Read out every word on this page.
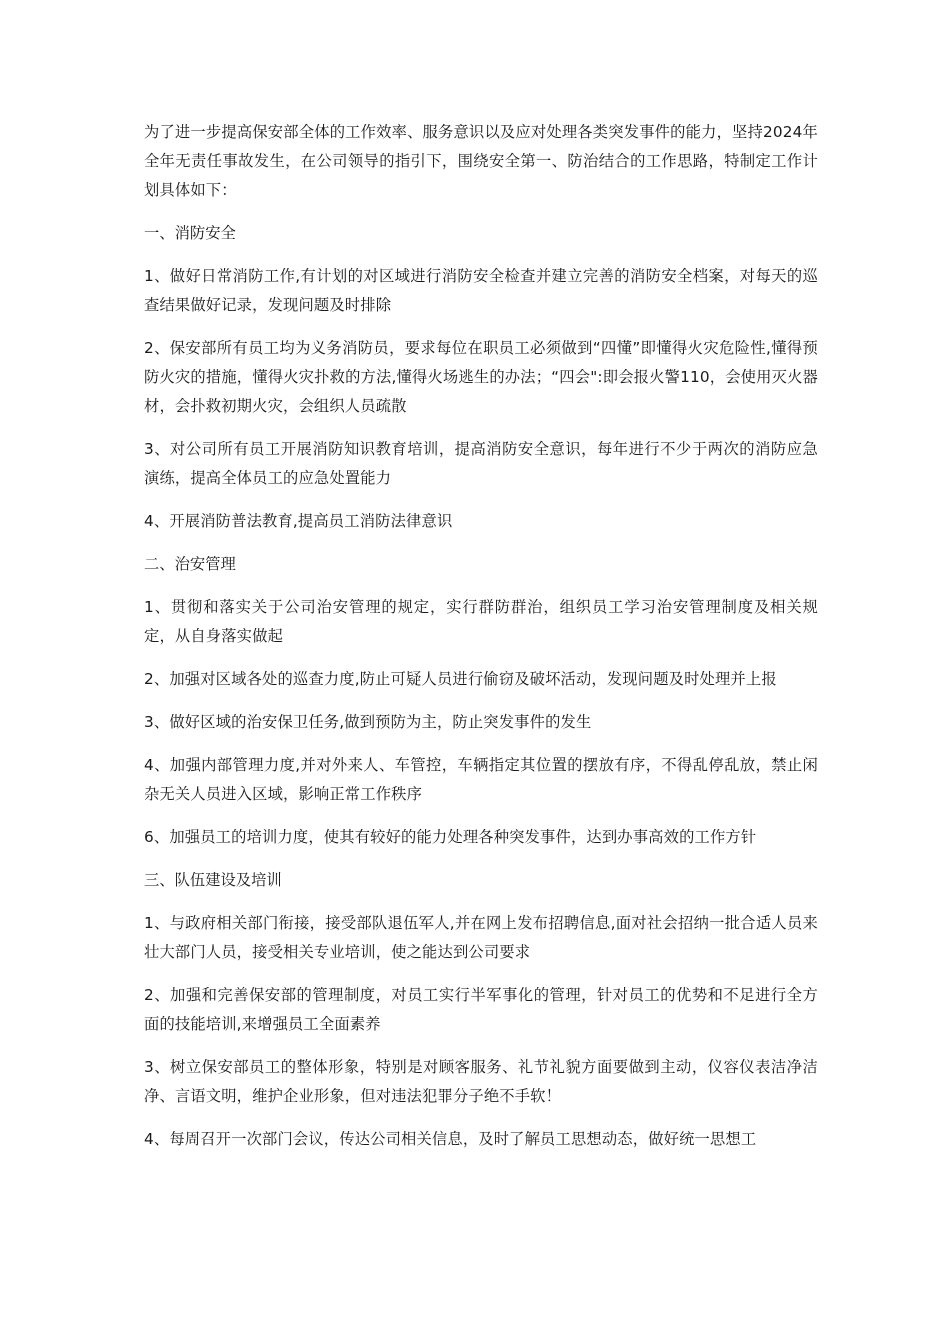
为了进一步提高保安部全体的工作效率、服务意识以及应对处理各类突发事件的能力，坚持2024年全年无责任事故发生，在公司领导的指引下，围绕安全第一、防治结合的工作思路，特制定工作计划具体如下：

一、消防安全

1、做好日常消防工作,有计划的对区域进行消防安全检查并建立完善的消防安全档案，对每天的巡查结果做好记录，发现问题及时排除

2、保安部所有员工均为义务消防员，要求每位在职员工必须做到“四懂”即懂得火灾危险性,懂得预防火灾的措施，懂得火灾扑救的方法,懂得火场逃生的办法；“四会":即会报火警110，会使用灭火器材，会扑救初期火灾，会组织人员疏散

3、对公司所有员工开展消防知识教育培训，提高消防安全意识，每年进行不少于两次的消防应急演练，提高全体员工的应急处置能力

4、开展消防普法教育,提高员工消防法律意识

二、治安管理

1、贯彻和落实关于公司治安管理的规定，实行群防群治，组织员工学习治安管理制度及相关规定，从自身落实做起

2、加强对区域各处的巡查力度,防止可疑人员进行偷窃及破坏活动，发现问题及时处理并上报

3、做好区域的治安保卫任务,做到预防为主，防止突发事件的发生

4、加强内部管理力度,并对外来人、车管控，车辆指定其位置的摆放有序，不得乱停乱放，禁止闲杂无关人员进入区域，影响正常工作秩序

6、加强员工的培训力度，使其有较好的能力处理各种突发事件，达到办事高效的工作方针

三、队伍建设及培训

1、与政府相关部门衔接，接受部队退伍军人,并在网上发布招聘信息,面对社会招纳一批合适人员来壮大部门人员，接受相关专业培训，使之能达到公司要求

2、加强和完善保安部的管理制度，对员工实行半军事化的管理，针对员工的优势和不足进行全方面的技能培训,来增强员工全面素养

3、树立保安部员工的整体形象，特别是对顾客服务、礼节礼貌方面要做到主动，仪容仪表洁净洁净、言语文明，维护企业形象，但对违法犯罪分子绝不手软！

4、每周召开一次部门会议，传达公司相关信息，及时了解员工思想动态，做好统一思想工
